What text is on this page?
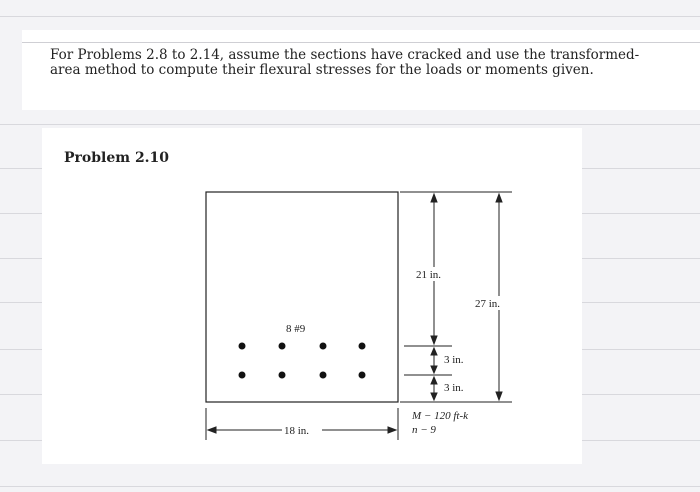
For Problems 2.8 to 2.14, assume the sections have cracked and use the transformed-area method to compute their flexural stresses for the loads or moments given.
Problem 2.10
8 #9
21 in.
3 in.
3 in.
27 in.
18 in.
M − 120 ft-k
n − 9
